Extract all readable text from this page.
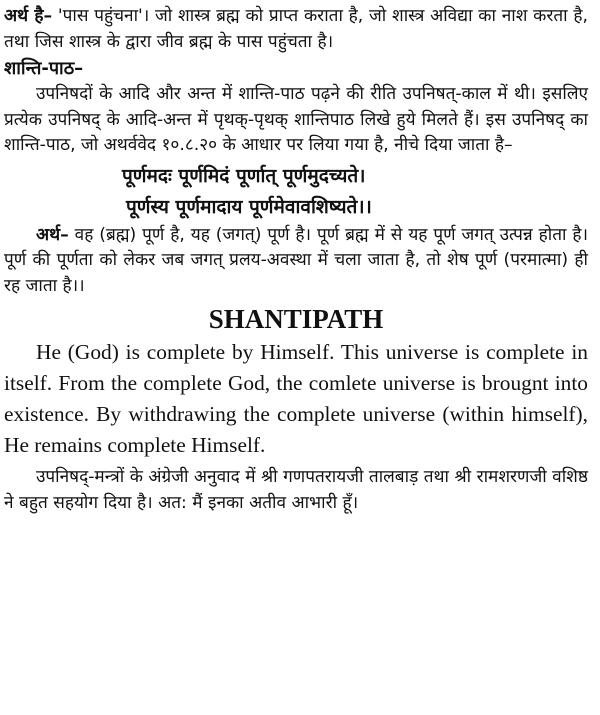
अर्थ है– 'पास पहुंचना'। जो शास्त्र ब्रह्म को प्राप्त कराता है, जो शास्त्र अविद्या का नाश करता है, तथा जिस शास्त्र के द्वारा जीव ब्रह्म के पास पहुंचता है।

शान्ति-पाठ–

उपनिषदों के आदि और अन्त में शान्ति-पाठ पढ़ने की रीति उपनिषत्-काल में थी। इसलिए प्रत्येक उपनिषद् के आदि-अन्त में पृथक्-पृथक् शान्तिपाठ लिखे हुये मिलते हैं। इस उपनिषद् का शान्ति-पाठ, जो अथर्ववेद १०.८.२० के आधार पर लिया गया है, नीचे दिया जाता है–

पूर्णमदः पूर्णमिदं पूर्णात् पूर्णमुदच्यते।

पूर्णस्य पूर्णमादाय पूर्णमेवावशिष्यते।।

अर्थ– वह (ब्रह्म) पूर्ण है, यह (जगत्) पूर्ण है। पूर्ण ब्रह्म में से यह पूर्ण जगत् उत्पन्न होता है। पूर्ण की पूर्णता को लेकर जब जगत् प्रलय-अवस्था में चला जाता है, तो शेष पूर्ण (परमात्मा) ही रह जाता है।।

SHANTIPATH

He (God) is complete by Himself. This universe is complete in itself. From the complete God, the comlete universe is brougnt into existence. By withdrawing the complete universe (within himself), He remains complete Himself.

उपनिषद्-मन्त्रों के अंग्रेजी अनुवाद में श्री गणपतरायजी तालबाड़ तथा श्री रामशरणजी वशिष्ठ ने बहुत सहयोग दिया है। अत: मैं इनका अतीव आभारी हूँ।
